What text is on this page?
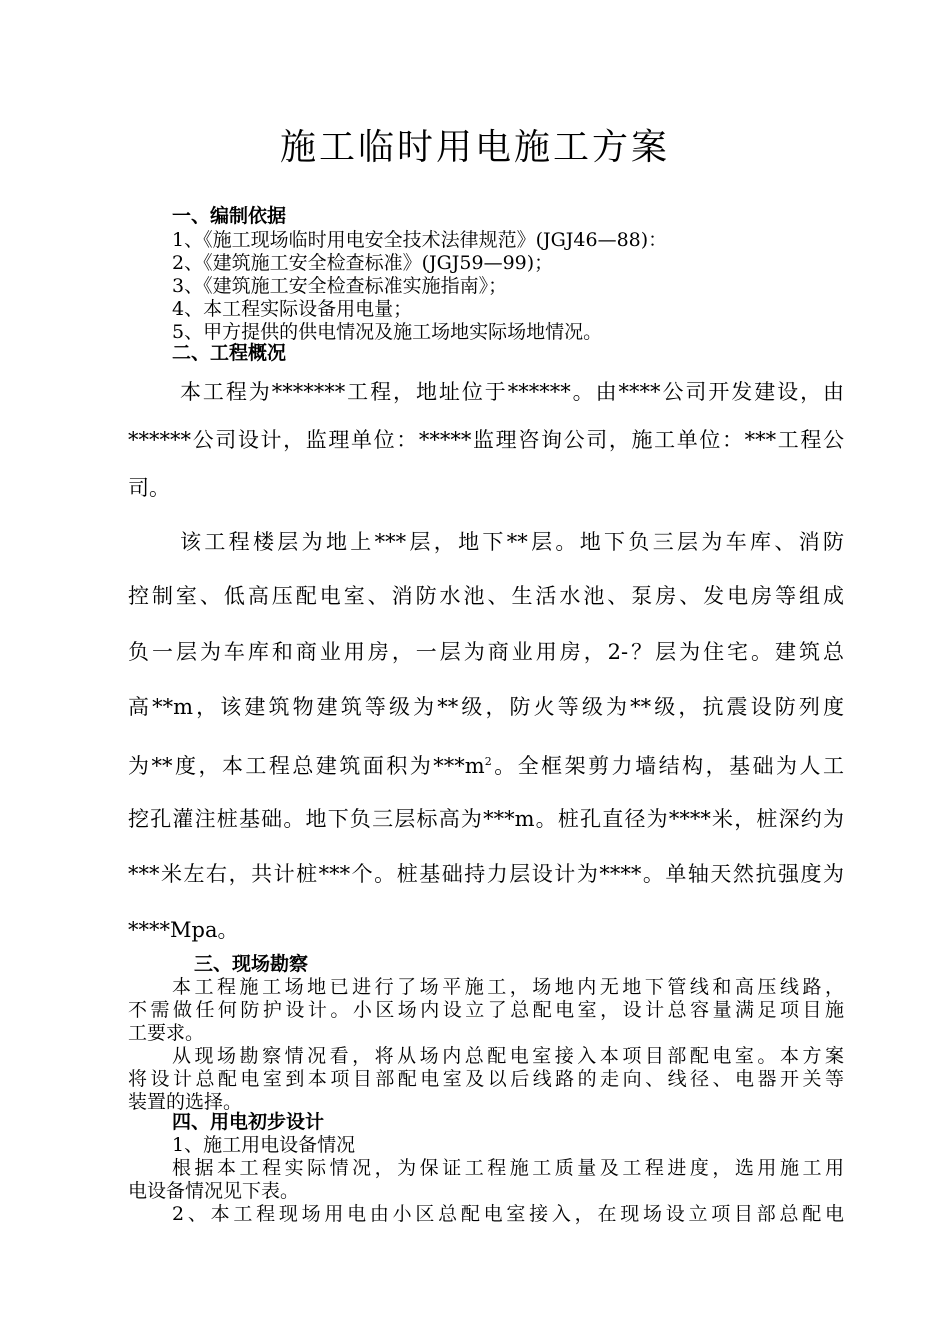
施工临时用电施工方案
一、编制依据
1、《施工现场临时用电安全技术法律规范》(JGJ46—88)：
2、《建筑施工安全检查标准》(JGJ59—99)；
3、《建筑施工安全检查标准实施指南》；
4、本工程实际设备用电量；
5、甲方提供的供电情况及施工场地实际场地情况。
二、工程概况
本工程为*******工程，地址位于******。由****公司开发建设，由
******公司设计，监理单位：*****监理咨询公司，施工单位：***工程公
司。
该工程楼层为地上***层，地下**层。地下负三层为车库、消防
控制室、低高压配电室、消防水池、生活水池、泵房、发电房等组成
负一层为车库和商业用房，一层为商业用房，2-？层为住宅。建筑总
高**m，该建筑物建筑等级为**级，防火等级为**级，抗震设防列度
为**度，本工程总建筑面积为$***m^2$。全框架剪力墙结构，基础为人工
挖孔灌注桩基础。地下负三层标高为***m。桩孔直径为****米，桩深约为
***米左右，共计桩***个。桩基础持力层设计为****。单轴天然抗强度为
****Mpa。
三、现场勘察
本工程施工场地已进行了场平施工，场地内无地下管线和高压线路，
不需做任何防护设计。小区场内设立了总配电室，设计总容量满足项目施
工要求。
从现场勘察情况看，将从场内总配电室接入本项目部配电室。本方案
将设计总配电室到本项目部配电室及以后线路的走向、线径、电器开关等
装置的选择。
四、用电初步设计
1、施工用电设备情况
根据本工程实际情况，为保证工程施工质量及工程进度，选用施工用
电设备情况见下表。
2、本工程现场用电由小区总配电室接入，在现场设立项目部总配电
